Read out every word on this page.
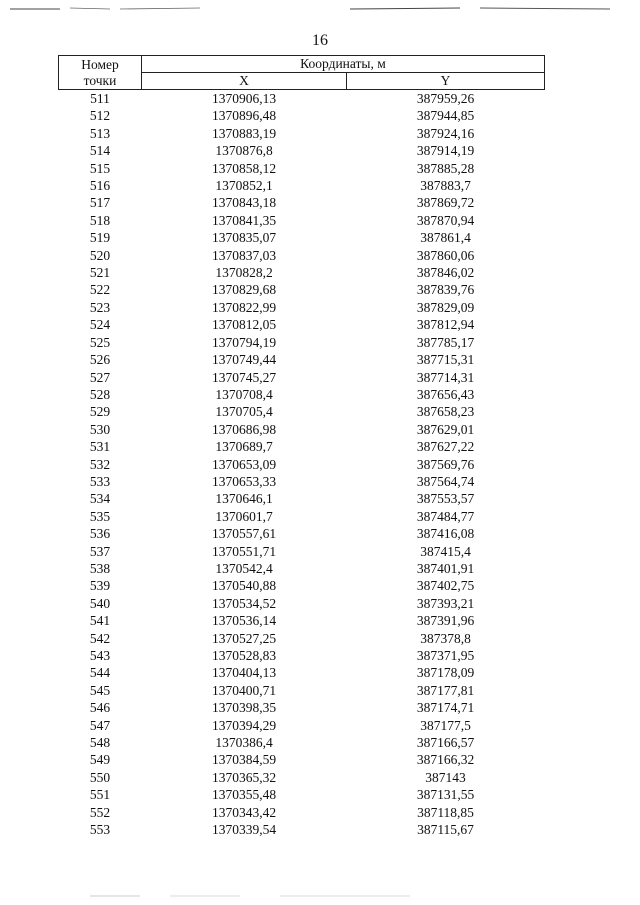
16
Номер
точки	Координаты, м	
	X	Y
511	1370906,13	387959,26
512	1370896,48	387944,85
513	1370883,19	387924,16
514	1370876,8	387914,19
515	1370858,12	387885,28
516	1370852,1	387883,7
517	1370843,18	387869,72
518	1370841,35	387870,94
519	1370835,07	387861,4
520	1370837,03	387860,06
521	1370828,2	387846,02
522	1370829,68	387839,76
523	1370822,99	387829,09
524	1370812,05	387812,94
525	1370794,19	387785,17
526	1370749,44	387715,31
527	1370745,27	387714,31
528	1370708,4	387656,43
529	1370705,4	387658,23
530	1370686,98	387629,01
531	1370689,7	387627,22
532	1370653,09	387569,76
533	1370653,33	387564,74
534	1370646,1	387553,57
535	1370601,7	387484,77
536	1370557,61	387416,08
537	1370551,71	387415,4
538	1370542,4	387401,91
539	1370540,88	387402,75
540	1370534,52	387393,21
541	1370536,14	387391,96
542	1370527,25	387378,8
543	1370528,83	387371,95
544	1370404,13	387178,09
545	1370400,71	387177,81
546	1370398,35	387174,71
547	1370394,29	387177,5
548	1370386,4	387166,57
549	1370384,59	387166,32
550	1370365,32	387143
551	1370355,48	387131,55
552	1370343,42	387118,85
553	1370339,54	387115,67
